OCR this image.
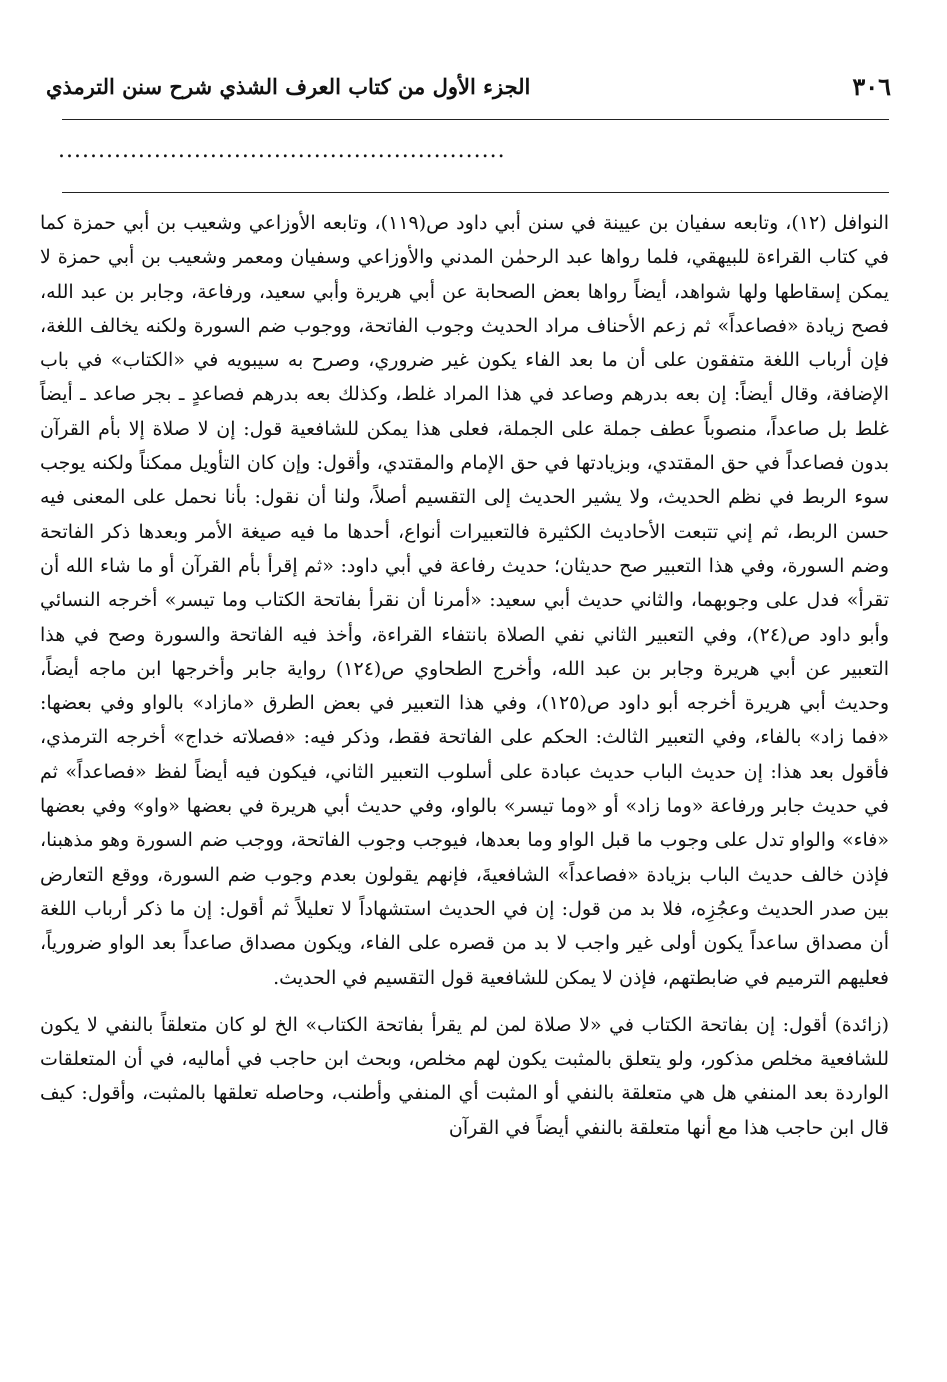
٣٠٦
الجزء الأول من كتاب العرف الشذي شرح سنن الترمذي
........................................................

النوافل (١٢)، وتابعه سفيان بن عيينة في سنن أبي داود ص(١١٩)، وتابعه الأوزاعي وشعيب بن أبي حمزة كما في كتاب القراءة للبيهقي، فلما رواها عبد الرحمٰن المدني والأوزاعي وسفيان ومعمر وشعيب بن أبي حمزة لا يمكن إسقاطها ولها شواهد، أيضاً رواها بعض الصحابة عن أبي هريرة وأبي سعيد، ورفاعة، وجابر بن عبد الله، فصح زيادة «فصاعداً» ثم زعم الأحناف مراد الحديث وجوب الفاتحة، ووجوب ضم السورة ولكنه يخالف اللغة، فإن أرباب اللغة متفقون على أن ما بعد الفاء يكون غير ضروري، وصرح به سيبويه في «الكتاب» في باب الإضافة، وقال أيضاً: إن بعه بدرهم وصاعد في هذا المراد غلط، وكذلك بعه بدرهم فصاعدٍ ـ بجر صاعد ـ أيضاً غلط بل صاعداً، منصوباً عطف جملة على الجملة، فعلى هذا يمكن للشافعية قول: إن لا صلاة إلا بأم القرآن بدون فصاعداً في حق المقتدي، وبزيادتها في حق الإمام والمقتدي، وأقول: وإن كان التأويل ممكناً ولكنه يوجب سوء الربط في نظم الحديث، ولا يشير الحديث إلى التقسيم أصلاً، ولنا أن نقول: بأنا نحمل على المعنى فيه حسن الربط، ثم إني تتبعت الأحاديث الكثيرة فالتعبيرات أنواع، أحدها ما فيه صيغة الأمر وبعدها ذكر الفاتحة وضم السورة، وفي هذا التعبير صح حديثان؛ حديث رفاعة في أبي داود: «ثم إقرأ بأم القرآن أو ما شاء الله أن تقرأ» فدل على وجوبهما، والثاني حديث أبي سعيد: «أمرنا أن نقرأ بفاتحة الكتاب وما تيسر» أخرجه النسائي وأبو داود ص(٢٤)، وفي التعبير الثاني نفي الصلاة بانتفاء القراءة، وأخذ فيه الفاتحة والسورة وصح في هذا التعبير عن أبي هريرة وجابر بن عبد الله، وأخرج الطحاوي ص(١٢٤) رواية جابر وأخرجها ابن ماجه أيضاً، وحديث أبي هريرة أخرجه أبو داود ص(١٢٥)، وفي هذا التعبير في بعض الطرق «مازاد» بالواو وفي بعضها: «فما زاد» بالفاء، وفي التعبير الثالث: الحكم على الفاتحة فقط، وذكر فيه: «فصلاته خداج» أخرجه الترمذي، فأقول بعد هذا: إن حديث الباب حديث عبادة على أسلوب التعبير الثاني، فيكون فيه أيضاً لفظ «فصاعداً» ثم في حديث جابر ورفاعة «وما زاد» أو «وما تيسر» بالواو، وفي حديث أبي هريرة في بعضها «واو» وفي بعضها «فاء» والواو تدل على وجوب ما قبل الواو وما بعدها، فيوجب وجوب الفاتحة، ووجب ضم السورة وهو مذهبنا، فإذن خالف حديث الباب بزيادة «فصاعداً» الشافعيةَ، فإنهم يقولون بعدم وجوب ضم السورة، ووقع التعارض بين صدر الحديث وعجُزِه، فلا بد من قول: إن في الحديث استشهاداً لا تعليلاً ثم أقول: إن ما ذكر أرباب اللغة أن مصداق ساعداً يكون أولى غير واجب لا بد من قصره على الفاء، ويكون مصداق صاعداً بعد الواو ضرورياً، فعليهم الترميم في ضابطتهم، فإذن لا يمكن للشافعية قول التقسيم في الحديث.

(زائدة) أقول: إن بفاتحة الكتاب في «لا صلاة لمن لم يقرأ بفاتحة الكتاب» الخ لو كان متعلقاً بالنفي لا يكون للشافعية مخلص مذكور، ولو يتعلق بالمثبت يكون لهم مخلص، وبحث ابن حاجب في أماليه، في أن المتعلقات الواردة بعد المنفي هل هي متعلقة بالنفي أو المثبت أي المنفي وأطنب، وحاصله تعلقها بالمثبت، وأقول: كيف قال ابن حاجب هذا مع أنها متعلقة بالنفي أيضاً في القرآن
